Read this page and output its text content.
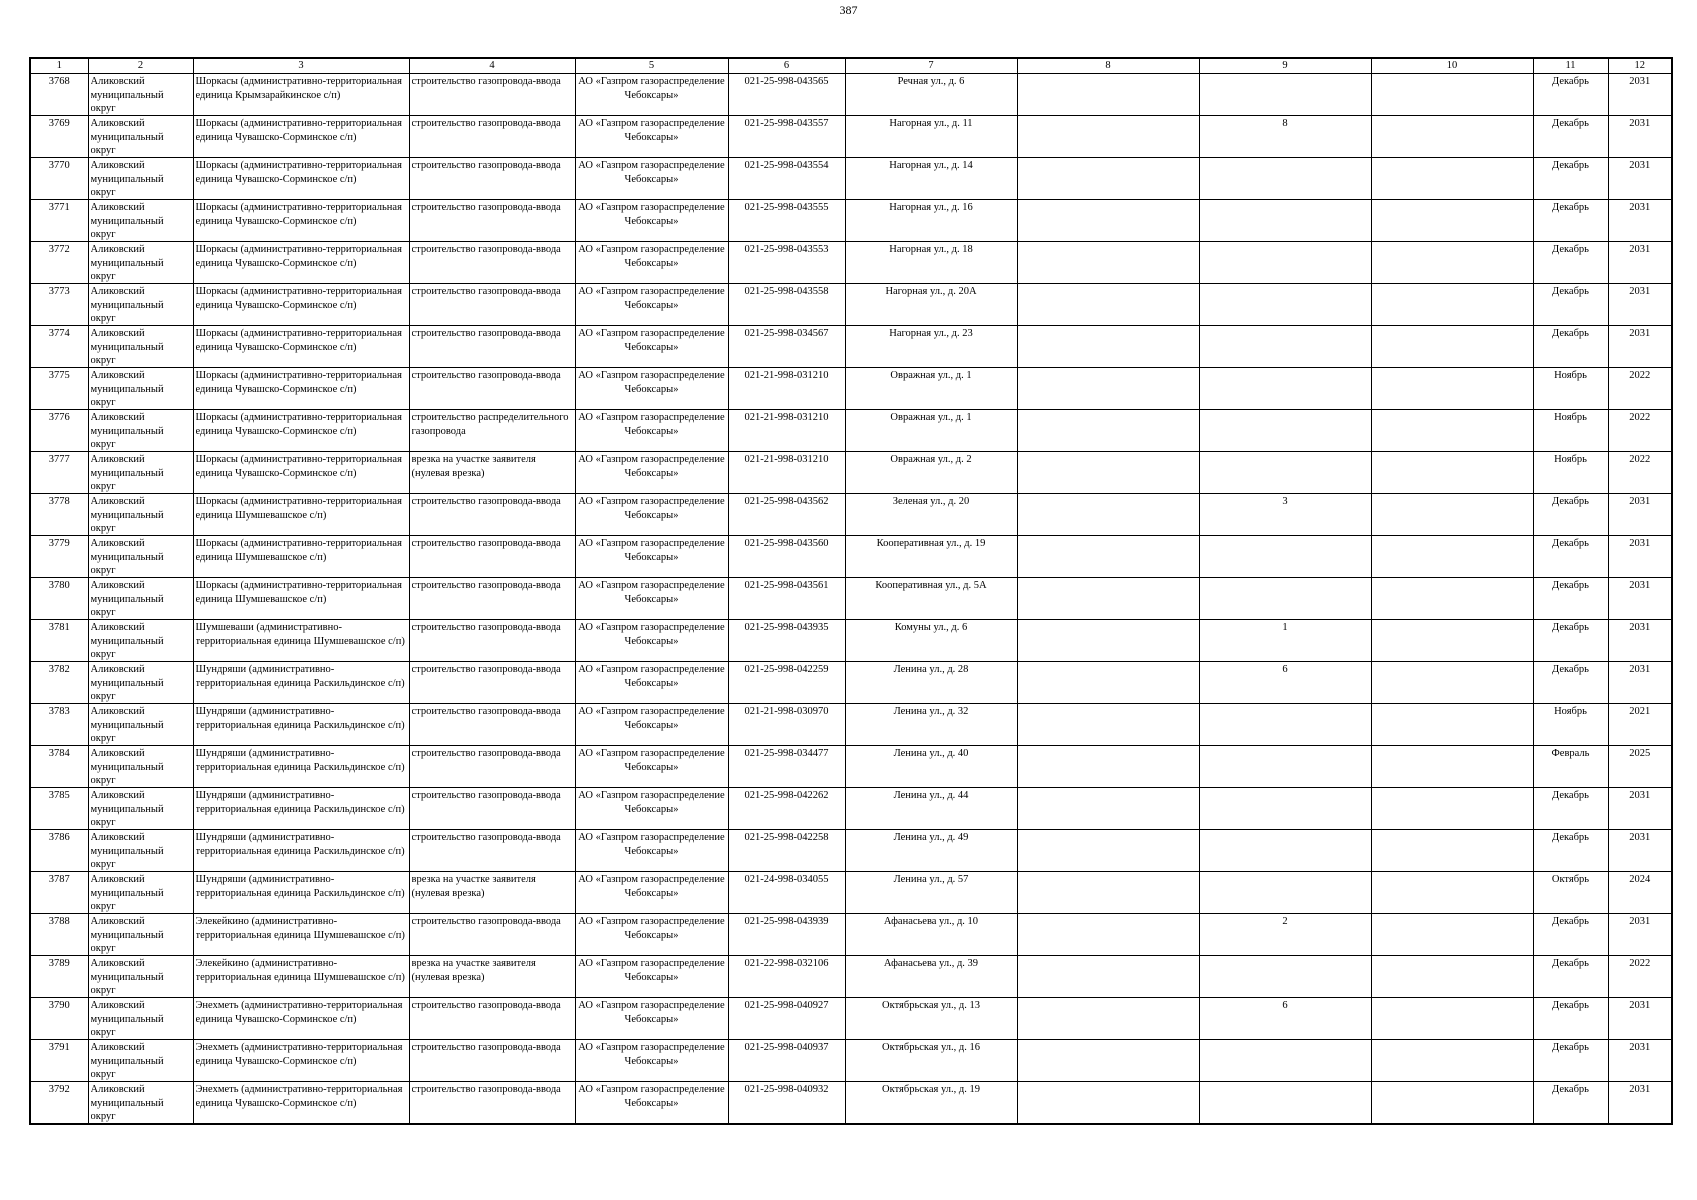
387
1	2	3	4	5	6	7	8	9	10	11	12

3768	Аликовский муниципальный округ	Шоркасы (административно-территориальная единица Крымзарайкинское с/п)	строительство газопровода-ввода	АО «Газпром газораспределение Чебоксары»	021-25-998-043565	Речная ул., д. 6				Декабрь	2031

3769	Аликовский муниципальный округ	Шоркасы (административно-территориальная единица Чувашско-Сорминское с/п)	строительство газопровода-ввода	АО «Газпром газораспределение Чебоксары»	021-25-998-043557	Нагорная ул., д. 11		8		Декабрь	2031

3770	Аликовский муниципальный округ	Шоркасы (административно-территориальная единица Чувашско-Сорминское с/п)	строительство газопровода-ввода	АО «Газпром газораспределение Чебоксары»	021-25-998-043554	Нагорная ул., д. 14				Декабрь	2031

3771	Аликовский муниципальный округ	Шоркасы (административно-территориальная единица Чувашско-Сорминское с/п)	строительство газопровода-ввода	АО «Газпром газораспределение Чебоксары»	021-25-998-043555	Нагорная ул., д. 16				Декабрь	2031

3772	Аликовский муниципальный округ	Шоркасы (административно-территориальная единица Чувашско-Сорминское с/п)	строительство газопровода-ввода	АО «Газпром газораспределение Чебоксары»	021-25-998-043553	Нагорная ул., д. 18				Декабрь	2031

3773	Аликовский муниципальный округ	Шоркасы (административно-территориальная единица Чувашско-Сорминское с/п)	строительство газопровода-ввода	АО «Газпром газораспределение Чебоксары»	021-25-998-043558	Нагорная ул., д. 20А				Декабрь	2031

3774	Аликовский муниципальный округ	Шоркасы (административно-территориальная единица Чувашско-Сорминское с/п)	строительство газопровода-ввода	АО «Газпром газораспределение Чебоксары»	021-25-998-034567	Нагорная ул., д. 23				Декабрь	2031

3775	Аликовский муниципальный округ	Шоркасы (административно-территориальная единица Чувашско-Сорминское с/п)	строительство газопровода-ввода	АО «Газпром газораспределение Чебоксары»	021-21-998-031210	Овражная ул., д. 1				Ноябрь	2022

3776	Аликовский муниципальный округ	Шоркасы (административно-территориальная единица Чувашско-Сорминское с/п)	строительство распределительного газопровода	АО «Газпром газораспределение Чебоксары»	021-21-998-031210	Овражная ул., д. 1				Ноябрь	2022

3777	Аликовский муниципальный округ	Шоркасы (административно-территориальная единица Чувашско-Сорминское с/п)	врезка на участке заявителя (нулевая врезка)	АО «Газпром газораспределение Чебоксары»	021-21-998-031210	Овражная ул., д. 2				Ноябрь	2022

3778	Аликовский муниципальный округ	Шоркасы (административно-территориальная единица Шумшевашское с/п)	строительство газопровода-ввода	АО «Газпром газораспределение Чебоксары»	021-25-998-043562	Зеленая ул., д. 20		3		Декабрь	2031

3779	Аликовский муниципальный округ	Шоркасы (административно-территориальная единица Шумшевашское с/п)	строительство газопровода-ввода	АО «Газпром газораспределение Чебоксары»	021-25-998-043560	Кооперативная ул., д. 19				Декабрь	2031

3780	Аликовский муниципальный округ	Шоркасы (административно-территориальная единица Шумшевашское с/п)	строительство газопровода-ввода	АО «Газпром газораспределение Чебоксары»	021-25-998-043561	Кооперативная ул., д. 5А				Декабрь	2031

3781	Аликовский муниципальный округ	Шумшеваши (административно-территориальная единица Шумшевашское с/п)	строительство газопровода-ввода	АО «Газпром газораспределение Чебоксары»	021-25-998-043935	Комуны ул., д. 6		1		Декабрь	2031

3782	Аликовский муниципальный округ	Шундряши (административно-территориальная единица Раскильдинское с/п)	строительство газопровода-ввода	АО «Газпром газораспределение Чебоксары»	021-25-998-042259	Ленина ул., д. 28		6		Декабрь	2031

3783	Аликовский муниципальный округ	Шундряши (административно-территориальная единица Раскильдинское с/п)	строительство газопровода-ввода	АО «Газпром газораспределение Чебоксары»	021-21-998-030970	Ленина ул., д. 32				Ноябрь	2021

3784	Аликовский муниципальный округ	Шундряши (административно-территориальная единица Раскильдинское с/п)	строительство газопровода-ввода	АО «Газпром газораспределение Чебоксары»	021-25-998-034477	Ленина ул., д. 40				Февраль	2025

3785	Аликовский муниципальный округ	Шундряши (административно-территориальная единица Раскильдинское с/п)	строительство газопровода-ввода	АО «Газпром газораспределение Чебоксары»	021-25-998-042262	Ленина ул., д. 44				Декабрь	2031

3786	Аликовский муниципальный округ	Шундряши (административно-территориальная единица Раскильдинское с/п)	строительство газопровода-ввода	АО «Газпром газораспределение Чебоксары»	021-25-998-042258	Ленина ул., д. 49				Декабрь	2031

3787	Аликовский муниципальный округ	Шундряши (административно-территориальная единица Раскильдинское с/п)	врезка на участке заявителя (нулевая врезка)	АО «Газпром газораспределение Чебоксары»	021-24-998-034055	Ленина ул., д. 57				Октябрь	2024

3788	Аликовский муниципальный округ	Элекейкино (административно-территориальная единица Шумшевашское с/п)	строительство газопровода-ввода	АО «Газпром газораспределение Чебоксары»	021-25-998-043939	Афанасьева ул., д. 10		2		Декабрь	2031

3789	Аликовский муниципальный округ	Элекейкино (административно-территориальная единица Шумшевашское с/п)	врезка на участке заявителя (нулевая врезка)	АО «Газпром газораспределение Чебоксары»	021-22-998-032106	Афанасьева ул., д. 39				Декабрь	2022

3790	Аликовский муниципальный округ	Энехметь (административно-территориальная единица Чувашско-Сорминское с/п)	строительство газопровода-ввода	АО «Газпром газораспределение Чебоксары»	021-25-998-040927	Октябрьская ул., д. 13		6		Декабрь	2031

3791	Аликовский муниципальный округ	Энехметь (административно-территориальная единица Чувашско-Сорминское с/п)	строительство газопровода-ввода	АО «Газпром газораспределение Чебоксары»	021-25-998-040937	Октябрьская ул., д. 16				Декабрь	2031

3792	Аликовский муниципальный округ	Энехметь (административно-территориальная единица Чувашско-Сорминское с/п)	строительство газопровода-ввода	АО «Газпром газораспределение Чебоксары»	021-25-998-040932	Октябрьская ул., д. 19				Декабрь	2031
